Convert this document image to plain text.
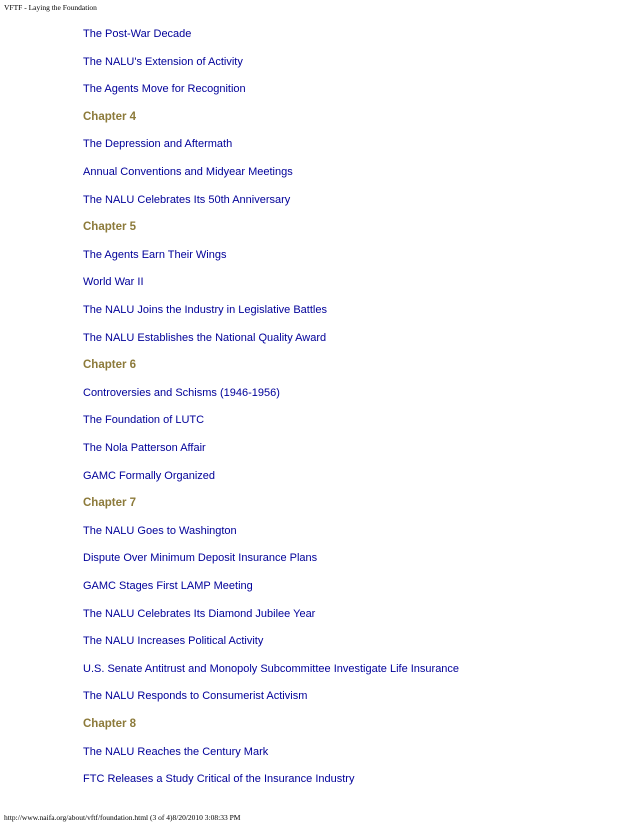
VFTF - Laying the Foundation
The Post-War Decade
The NALU's Extension of Activity
The Agents Move for Recognition
Chapter 4
The Depression and Aftermath
Annual Conventions and Midyear Meetings
The NALU Celebrates Its 50th Anniversary
Chapter 5
The Agents Earn Their Wings
World War II
The NALU Joins the Industry in Legislative Battles
The NALU Establishes the National Quality Award
Chapter 6
Controversies and Schisms (1946-1956)
The Foundation of LUTC
The Nola Patterson Affair
GAMC Formally Organized
Chapter 7
The NALU Goes to Washington
Dispute Over Minimum Deposit Insurance Plans
GAMC Stages First LAMP Meeting
The NALU Celebrates Its Diamond Jubilee Year
The NALU Increases Political Activity
U.S. Senate Antitrust and Monopoly Subcommittee Investigate Life Insurance
The NALU Responds to Consumerist Activism
Chapter 8
The NALU Reaches the Century Mark
FTC Releases a Study Critical of the Insurance Industry
http://www.naifa.org/about/vftf/foundation.html (3 of 4)8/20/2010 3:08:33 PM
